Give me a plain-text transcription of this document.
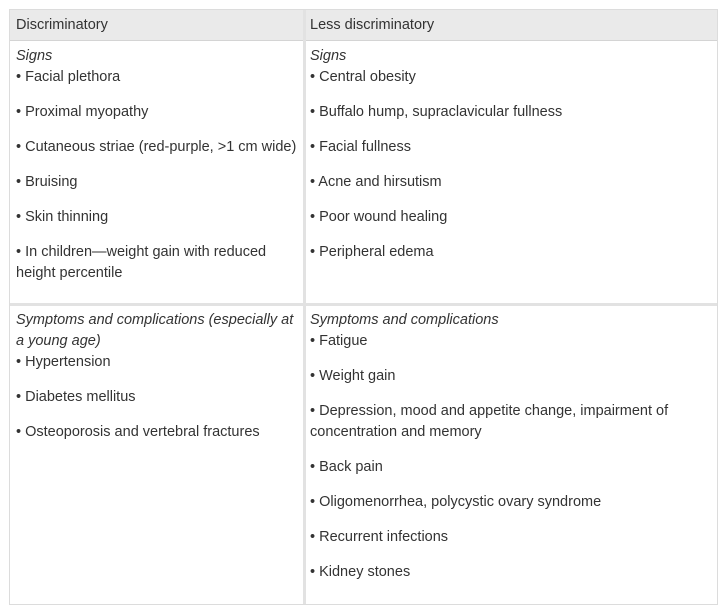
Discriminatory	Less discriminatory

Signs

• Facial plethora

• Proximal myopathy

• Cutaneous striae (red-purple, >1 cm wide)

• Bruising

• Skin thinning

• In children—weight gain with reduced height percentile

Signs

• Central obesity

• Buffalo hump, supraclavicular fullness

• Facial fullness

• Acne and hirsutism

• Poor wound healing

• Peripheral edema

Symptoms and complications (especially at a young age)

• Hypertension

• Diabetes mellitus

• Osteoporosis and vertebral fractures

Symptoms and complications

• Fatigue

• Weight gain

• Depression, mood and appetite change, impairment of concentration and memory

• Back pain

• Oligomenorrhea, polycystic ovary syndrome

• Recurrent infections

• Kidney stones
